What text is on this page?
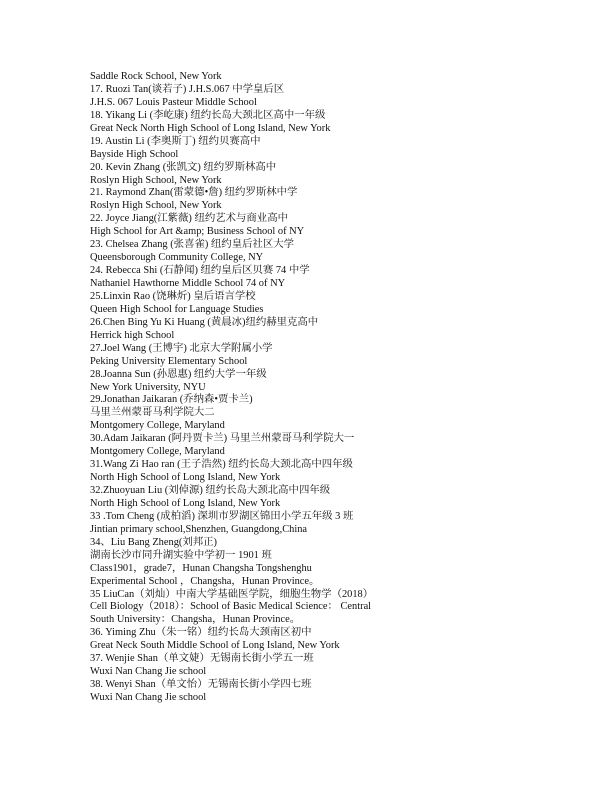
Saddle Rock School, New York
17. Ruozi Tan(谈若子) J.H.S.067 中学皇后区
J.H.S. 067 Louis Pasteur Middle School
18. Yikang Li (李屹康) 纽约长岛大颈北区高中一年级
Great Neck North High School of Long Island, New York
19. Austin Li (李奥斯丁) 纽约贝赛高中
Bayside High School
20. Kevin Zhang (张凯文) 纽约罗斯林高中
Roslyn High School, New York
21. Raymond Zhan(雷蒙德•詹) 纽约罗斯林中学
Roslyn High School, New York
22. Joyce Jiang(江紫薇) 纽约艺术与商业高中
High School for Art &amp; Business School of NY
23. Chelsea Zhang (张喜雀) 纽约皇后社区大学
Queensborough Community College, NY
24. Rebecca Shi (石静闻) 纽约皇后区贝赛 74 中学
Nathaniel Hawthorne Middle School 74 of NY
25.Linxin Rao (饶琳炘) 皇后语言学校
Queen High School for Language Studies
26.Chen Bing Yu Ki Huang (黄晨冰)纽约赫里克高中
Herrick high School
27.Joel Wang (王博宇) 北京大学附属小学
Peking University Elementary School
28.Joanna Sun (孙恩惠) 纽约大学一年级
New York University, NYU
29.Jonathan Jaikaran (乔纳森•贾卡兰)
马里兰州蒙哥马利学院大二
Montgomery College, Maryland
30.Adam Jaikaran (阿丹贾卡兰) 马里兰州蒙哥马利学院大一
Montgomery College, Maryland
31.Wang Zi Hao ran (王子浩然) 纽约长岛大颈北高中四年级
North High School of Long Island, New York
32.Zhuoyuan Liu (刘倬源) 纽约长岛大颈北高中四年级
North High School of Long Island, New York
33 .Tom Cheng (成柏滔) 深圳市罗湖区锦田小学五年级 3 班
Jintian primary school,Shenzhen, Guangdong,China
34、Liu Bang Zheng(刘邦正)
湖南长沙市同升湖实验中学初一 1901 班
Class1901，grade7，Hunan Changsha Tongshenghu
Experimental School ，Changsha，Hunan Province。
35 LiuCan（刘灿）中南大学基础医学院，细胞生物学（2018）
Cell Biology（2018）：School of Basic Medical Science： Central
South University：Changsha，Hunan Province。
36. Yiming Zhu（朱一铭）纽约长岛大颈南区初中
Great Neck South Middle School of Long Island, New York
37. Wenjie Shan（单文婕）无锡南长街小学五一班
Wuxi Nan Chang Jie school
38. Wenyi Shan（单文怡）无锡南长街小学四七班
Wuxi Nan Chang Jie school
